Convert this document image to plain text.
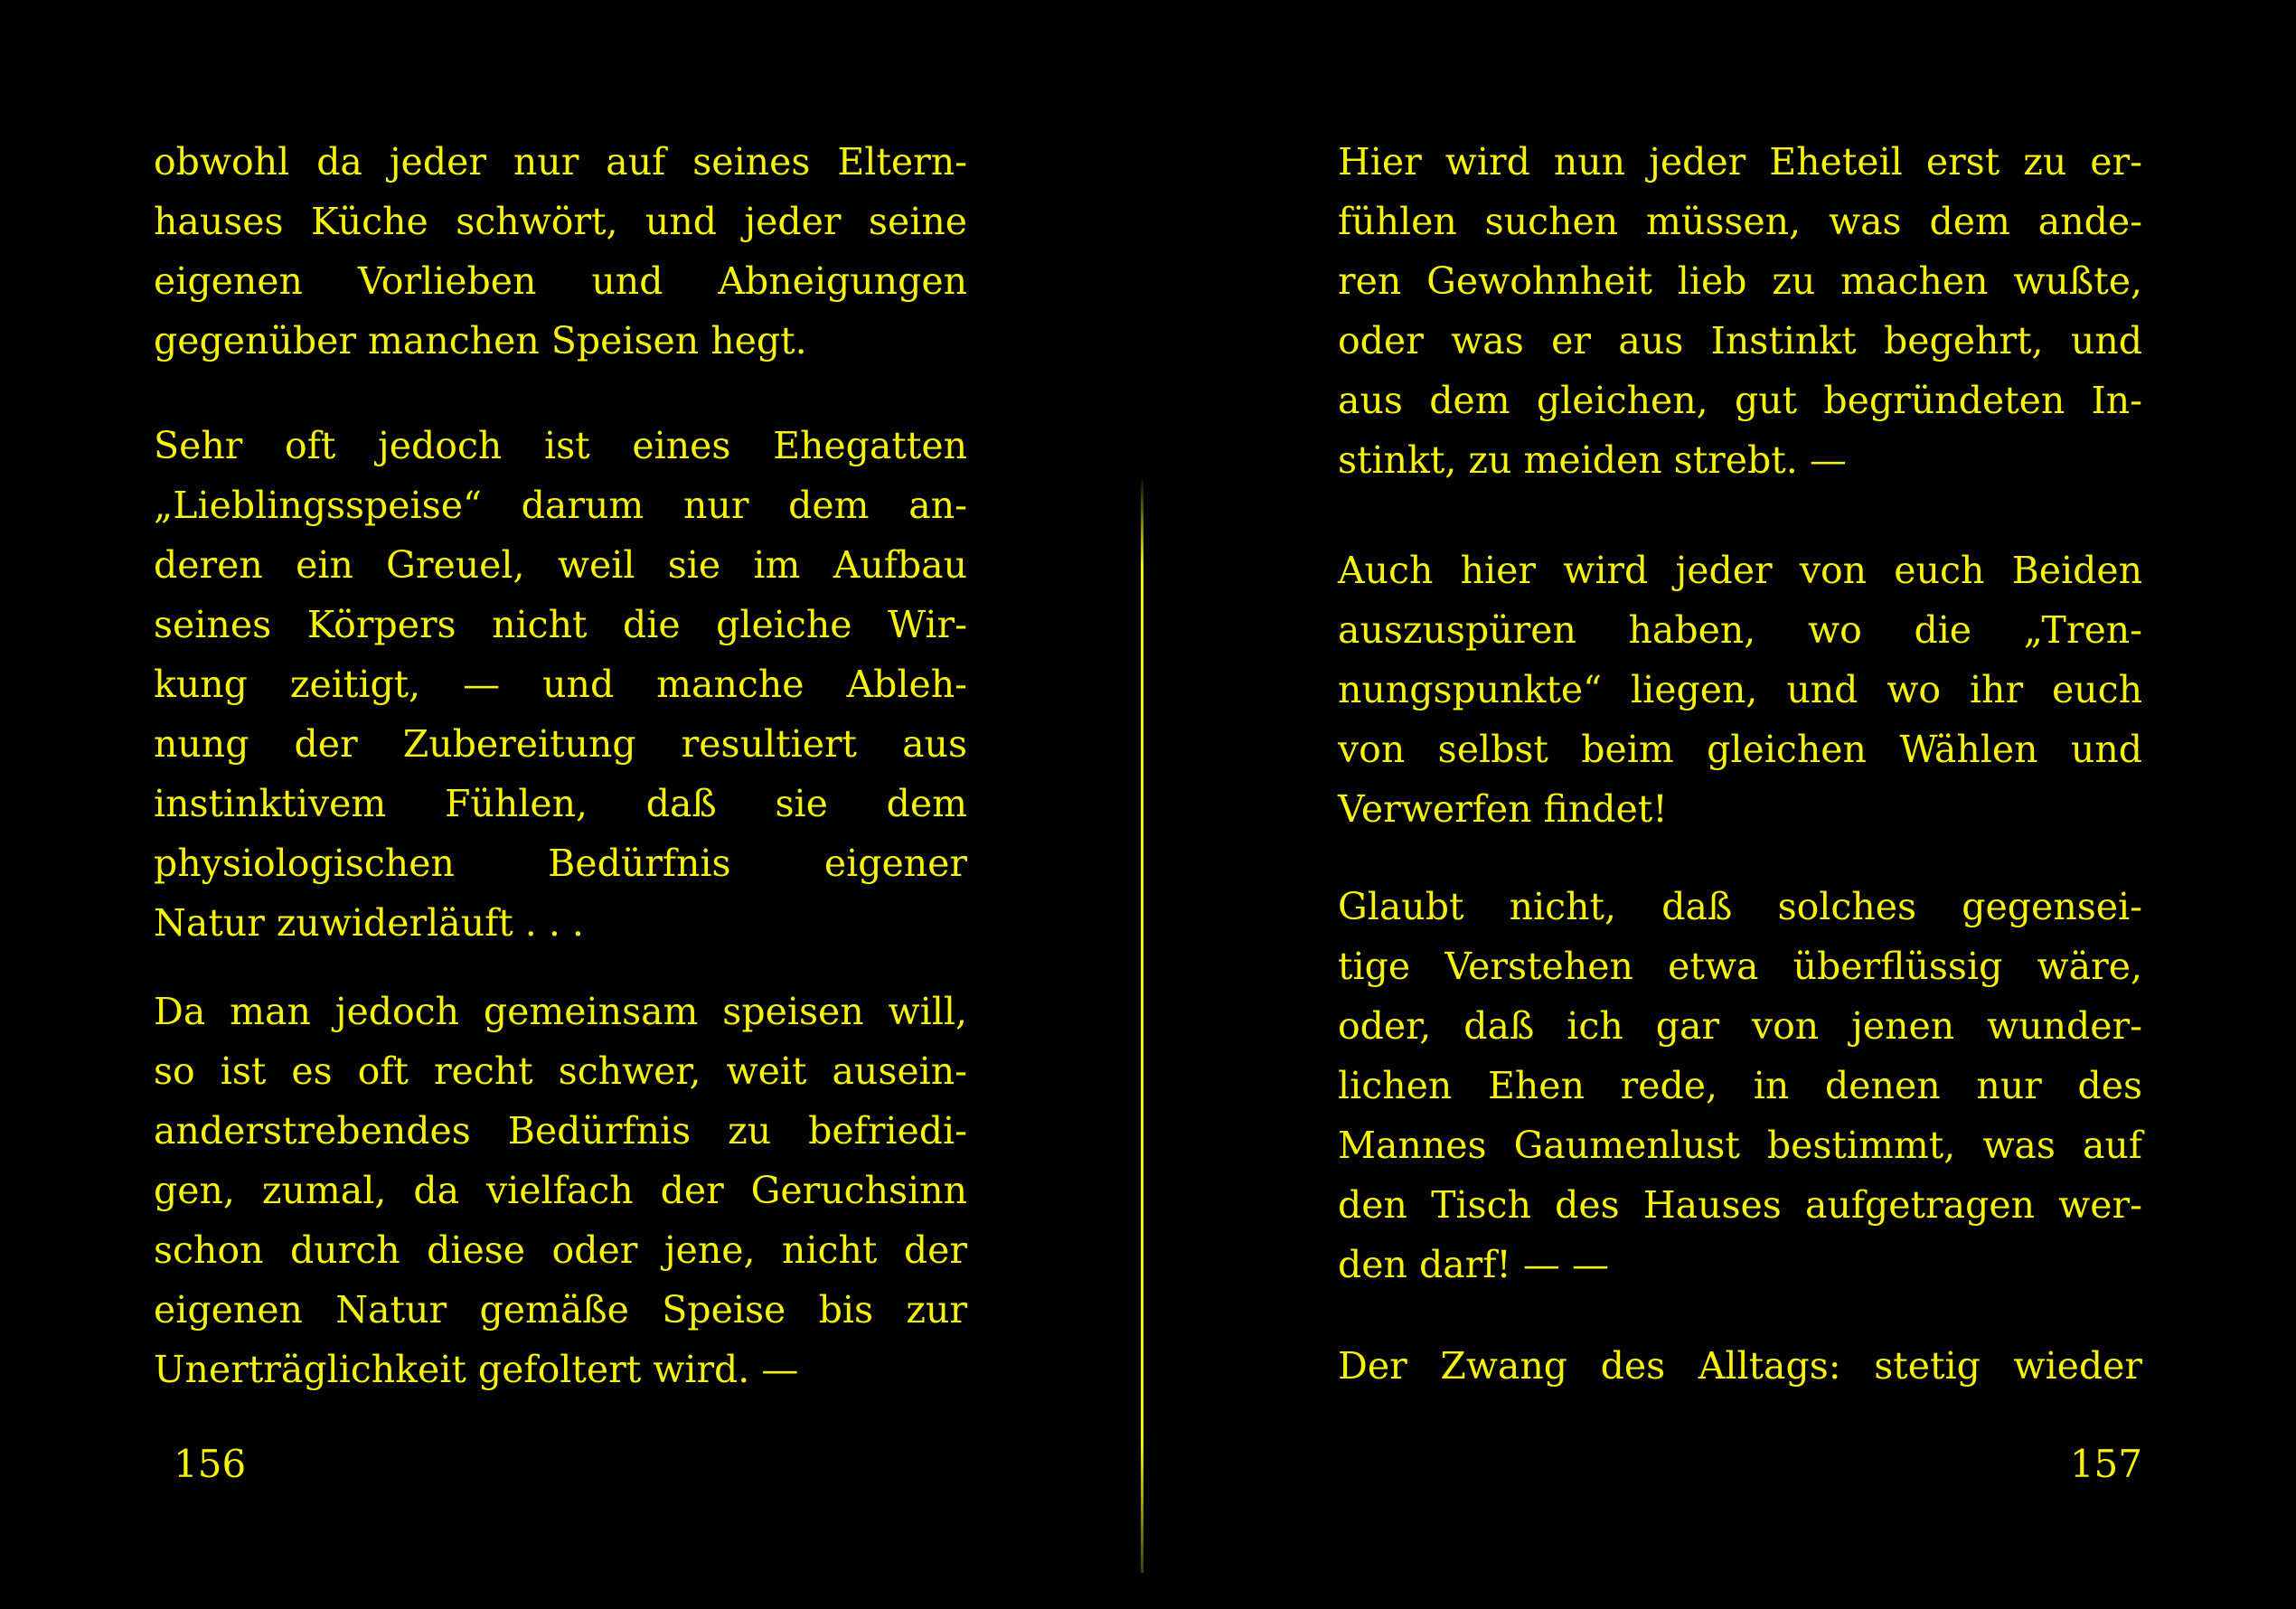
obwohl da jeder nur auf seines Eltern-
hauses Küche schwört, und jeder seine
eigenen Vorlieben und Abneigungen
gegenüber manchen Speisen hegt.
Sehr oft jedoch ist eines Ehegatten
„Lieblingsspeise“ darum nur dem an-
deren ein Greuel, weil sie im Aufbau
seines Körpers nicht die gleiche Wir-
kung zeitigt, — und manche Ableh-
nung der Zubereitung resultiert aus
instinktivem Fühlen, daß sie dem
physiologischen Bedürfnis eigener
Natur zuwiderläuft . . .
Da man jedoch gemeinsam speisen will,
so ist es oft recht schwer, weit ausein-
anderstrebendes Bedürfnis zu befriedi-
gen, zumal, da vielfach der Geruchsinn
schon durch diese oder jene, nicht der
eigenen Natur gemäße Speise bis zur
Unerträglichkeit gefoltert wird. —
156
Hier wird nun jeder Eheteil erst zu er-
fühlen suchen müssen, was dem ande-
ren Gewohnheit lieb zu machen wußte,
oder was er aus Instinkt begehrt, und
aus dem gleichen, gut begründeten In-
stinkt, zu meiden strebt. —
Auch hier wird jeder von euch Beiden
auszuspüren haben, wo die „Tren-
nungspunkte“ liegen, und wo ihr euch
von selbst beim gleichen Wählen und
Verwerfen findet!
Glaubt nicht, daß solches gegensei-
tige Verstehen etwa überflüssig wäre,
oder, daß ich gar von jenen wunder-
lichen Ehen rede, in denen nur des
Mannes Gaumenlust bestimmt, was auf
den Tisch des Hauses aufgetragen wer-
den darf! — —
Der Zwang des Alltags: stetig wieder
157
